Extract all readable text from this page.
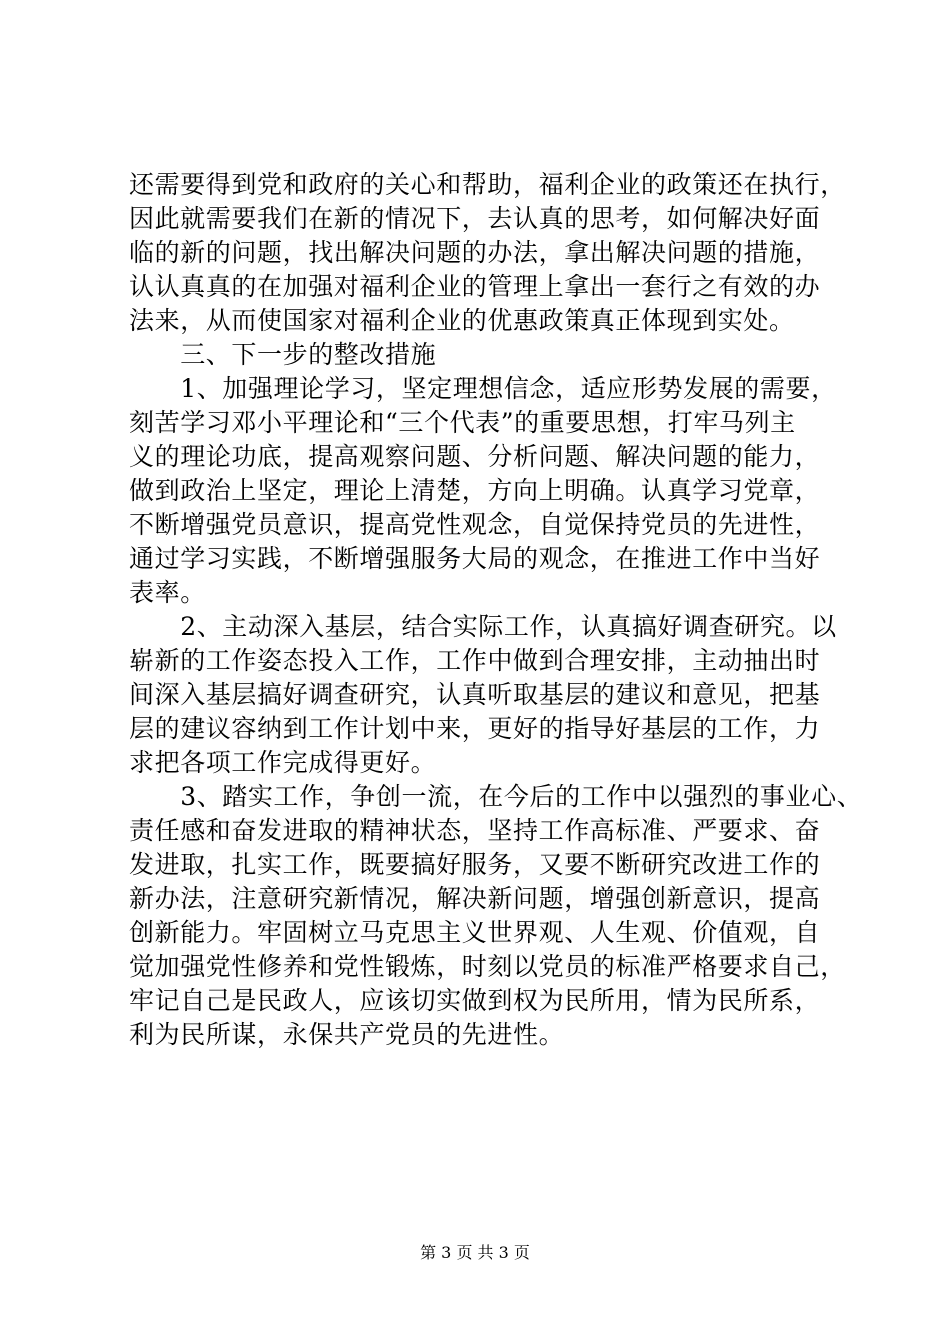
还需要得到党和政府的关心和帮助，福利企业的政策还在执行，
因此就需要我们在新的情况下，去认真的思考，如何解决好面
临的新的问题，找出解决问题的办法，拿出解决问题的措施，
认认真真的在加强对福利企业的管理上拿出一套行之有效的办
法来，从而使国家对福利企业的优惠政策真正体现到实处。
　　三、下一步的整改措施
　　1、加强理论学习，坚定理想信念，适应形势发展的需要，
刻苦学习邓小平理论和“三个代表”的重要思想，打牢马列主
义的理论功底，提高观察问题、分析问题、解决问题的能力，
做到政治上坚定，理论上清楚，方向上明确。认真学习党章，
不断增强党员意识，提高党性观念，自觉保持党员的先进性，
通过学习实践，不断增强服务大局的观念，在推进工作中当好
表率。
　　2、主动深入基层，结合实际工作，认真搞好调查研究。以
崭新的工作姿态投入工作，工作中做到合理安排，主动抽出时
间深入基层搞好调查研究，认真听取基层的建议和意见，把基
层的建议容纳到工作计划中来，更好的指导好基层的工作，力
求把各项工作完成得更好。
　　3、踏实工作，争创一流，在今后的工作中以强烈的事业心、
责任感和奋发进取的精神状态，坚持工作高标准、严要求、奋
发进取，扎实工作，既要搞好服务，又要不断研究改进工作的
新办法，注意研究新情况，解决新问题，增强创新意识，提高
创新能力。牢固树立马克思主义世界观、人生观、价值观，自
觉加强党性修养和党性锻炼，时刻以党员的标准严格要求自己，
牢记自己是民政人，应该切实做到权为民所用，情为民所系，
利为民所谋，永保共产党员的先进性。
第 3 页 共 3 页
